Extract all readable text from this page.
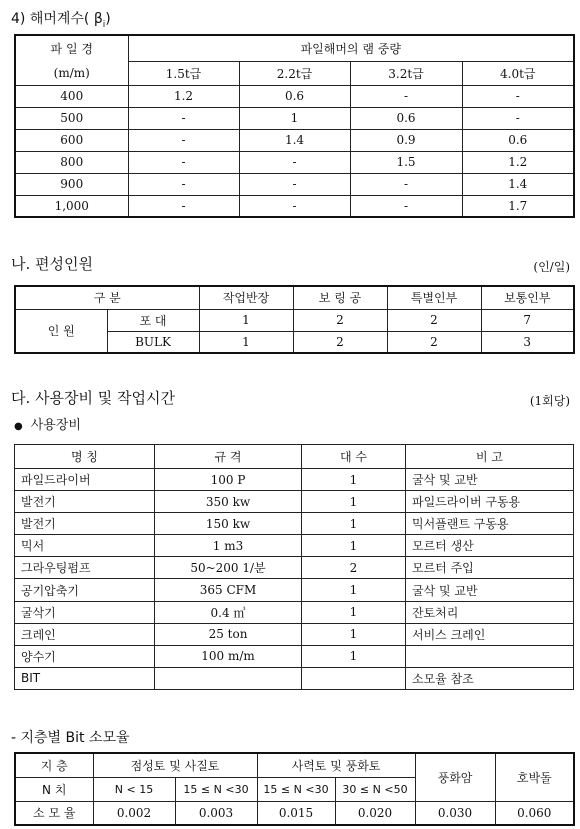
4) 해머계수( $\beta_i$)
파 일 경	파일해머의 램 중량			
(m/m)	1.5t급	2.2t급	3.2t급	4.0t급
400	1.2	0.6	-	-
500	-	1	0.6	-
600	-	1.4	0.9	0.6
800	-	-	1.5	1.2
900	-	-	-	1.4
1,000	-	-	-	1.7
나. 편성인원	(인/일)
구 분		작업반장	보 링 공	특별인부	보통인부
인 원	포 대	1	2	2	7
	BULK	1	2	2	3
다. 사용장비 및 작업시간	(1회당)
● 사용장비
명 칭	규 격	대 수	비 고
파일드라이버	100 P	1	굴삭 및 교반
발전기	350 kw	1	파일드라이버 구동용
발전기	150 kw	1	믹서플랜트 구동용
믹서	1 m3	1	모르터 생산
그라우팅펌프	50~200 1/분	2	모르터 주입
공기압축기	365 CFM	1	굴삭 및 교반
굴삭기	0.4 ㎥	1	잔토처리
크레인	25 ton	1	서비스 크레인
양수기	100 m/m	1	
BIT			소모율 참조
- 지층별 Bit 소모율
지 층	점성토 및 사질토		사력토 및 풍화토		풍화암	호박돌
N 치	N < 15	15 ≤ N <30	15 ≤ N <30	30 ≤ N <50		
소 모 율	0.002	0.003	0.015	0.020	0.030	0.060
